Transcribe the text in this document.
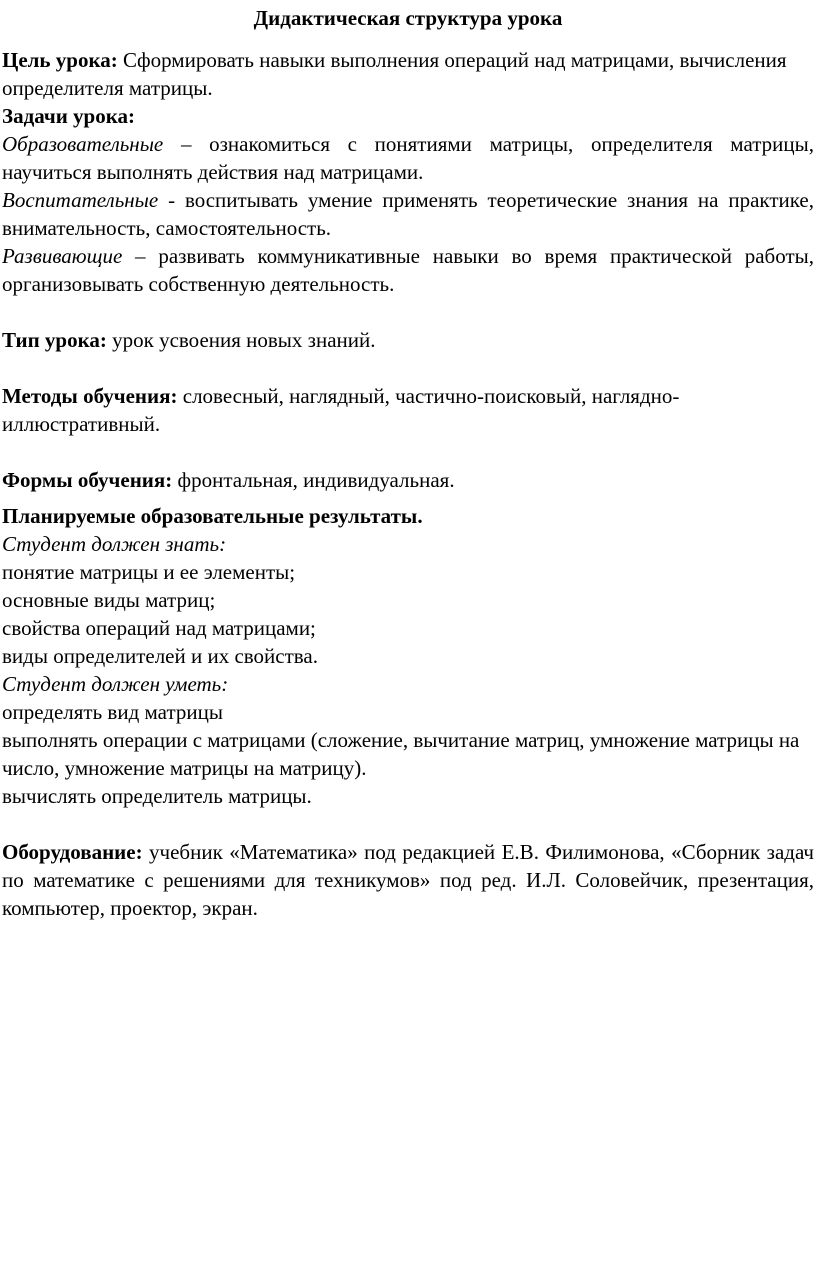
Дидактическая структура урока

Цель урока: Сформировать навыки выполнения операций над матрицами, вычисления определителя матрицы.

Задачи урока:

Образовательные – ознакомиться с понятиями матрицы, определителя матрицы, научиться выполнять действия над матрицами.

Воспитательные - воспитывать умение применять теоретические знания на практике, внимательность, самостоятельность.

Развивающие – развивать коммуникативные навыки во время практической работы, организовывать собственную деятельность.

Тип урока: урок усвоения новых знаний.

Методы обучения: словесный, наглядный, частично-поисковый, наглядно-иллюстративный.

Формы обучения: фронтальная, индивидуальная.

Планируемые образовательные результаты.

Студент должен знать:

понятие матрицы и ее элементы;

основные виды матриц;

свойства операций над матрицами;

виды определителей и их свойства.

Студент должен уметь:

определять вид матрицы

выполнять операции с матрицами (сложение, вычитание матриц, умножение матрицы на число, умножение матрицы на матрицу).

вычислять определитель матрицы.

Оборудование: учебник «Математика» под редакцией Е.В. Филимонова, «Сборник задач по математике с решениями для техникумов» под ред. И.Л. Соловейчик, презентация, компьютер, проектор, экран.
